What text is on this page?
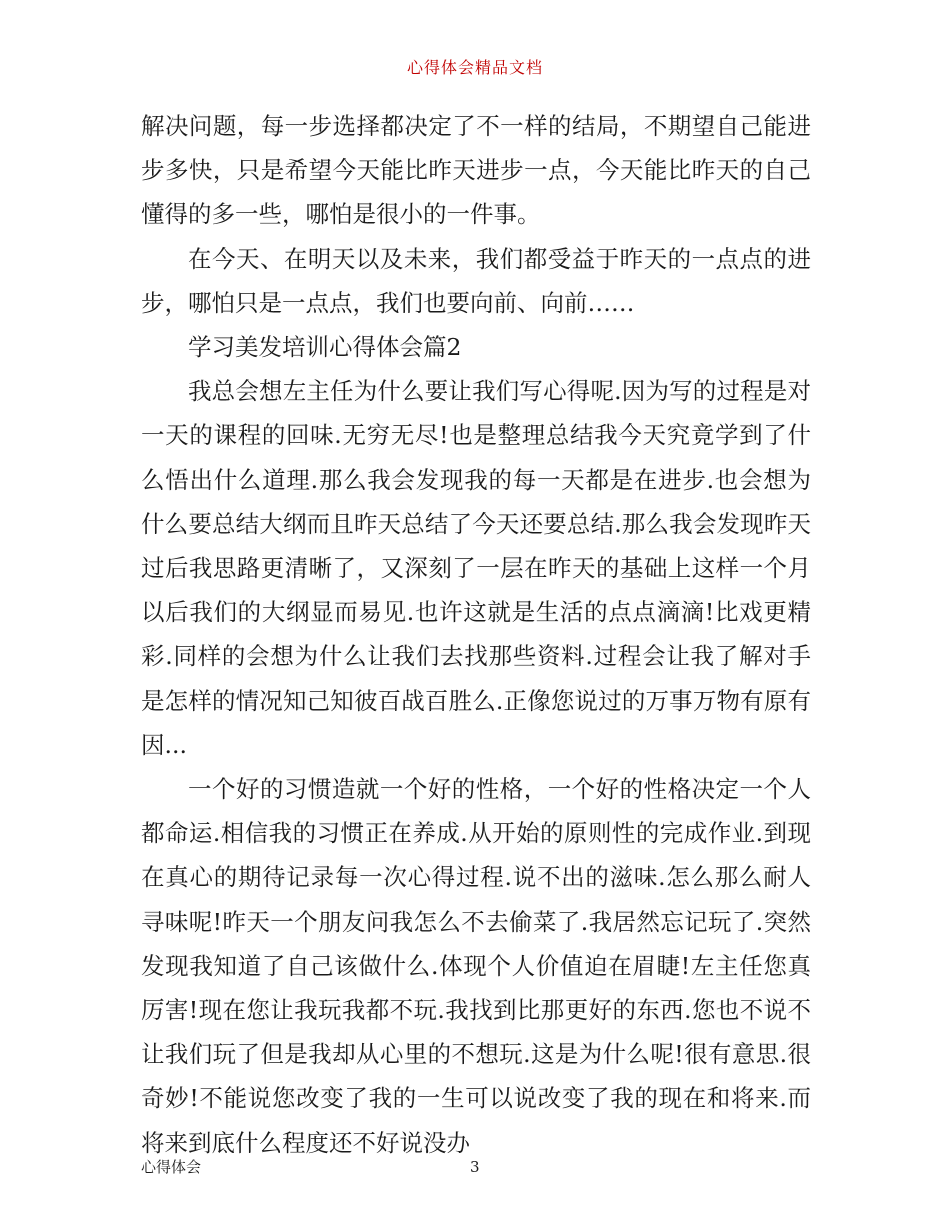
心得体会精品文档

解决问题，每一步选择都决定了不一样的结局，不期望自己能进步多快，只是希望今天能比昨天进步一点，今天能比昨天的自己懂得的多一些，哪怕是很小的一件事。

在今天、在明天以及未来，我们都受益于昨天的一点点的进步，哪怕只是一点点，我们也要向前、向前……

学习美发培训心得体会篇2

我总会想左主任为什么要让我们写心得呢.因为写的过程是对一天的课程的回味.无穷无尽!也是整理总结我今天究竟学到了什么悟出什么道理.那么我会发现我的每一天都是在进步.也会想为什么要总结大纲而且昨天总结了今天还要总结.那么我会发现昨天过后我思路更清晰了，又深刻了一层在昨天的基础上这样一个月以后我们的大纲显而易见.也许这就是生活的点点滴滴!比戏更精彩.同样的会想为什么让我们去找那些资料.过程会让我了解对手是怎样的情况知己知彼百战百胜么.正像您说过的万事万物有原有因...

一个好的习惯造就一个好的性格，一个好的性格决定一个人都命运.相信我的习惯正在养成.从开始的原则性的完成作业.到现在真心的期待记录每一次心得过程.说不出的滋味.怎么那么耐人寻味呢!昨天一个朋友问我怎么不去偷菜了.我居然忘记玩了.突然发现我知道了自己该做什么.体现个人价值迫在眉睫!左主任您真厉害!现在您让我玩我都不玩.我找到比那更好的东西.您也不说不让我们玩了但是我却从心里的不想玩.这是为什么呢!很有意思.很奇妙!不能说您改变了我的一生可以说改变了我的现在和将来.而将来到底什么程度还不好说没办

心得体会	3
